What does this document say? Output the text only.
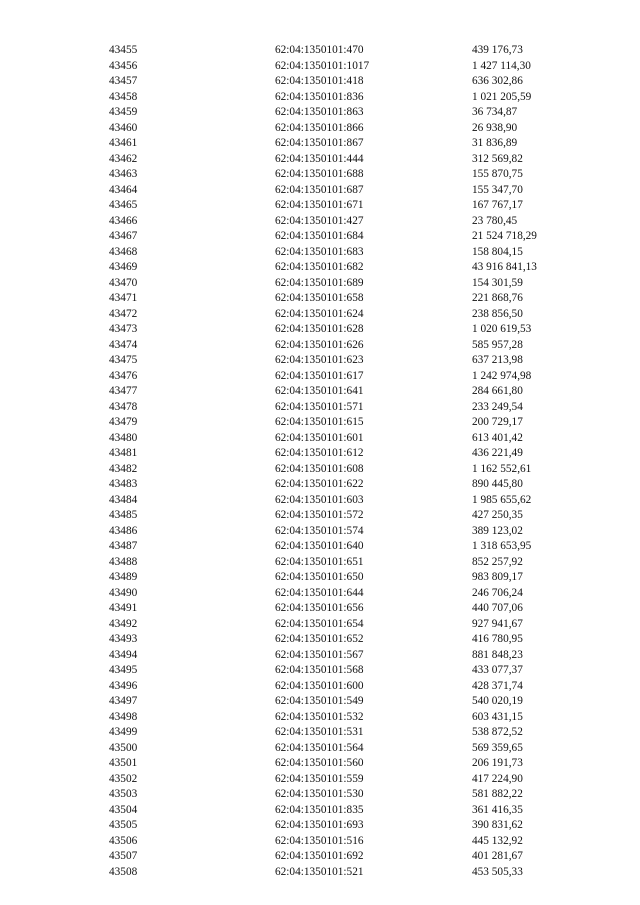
43455	62:04:1350101:470	439 176,73
43456	62:04:1350101:1017	1 427 114,30
43457	62:04:1350101:418	636 302,86
43458	62:04:1350101:836	1 021 205,59
43459	62:04:1350101:863	36 734,87
43460	62:04:1350101:866	26 938,90
43461	62:04:1350101:867	31 836,89
43462	62:04:1350101:444	312 569,82
43463	62:04:1350101:688	155 870,75
43464	62:04:1350101:687	155 347,70
43465	62:04:1350101:671	167 767,17
43466	62:04:1350101:427	23 780,45
43467	62:04:1350101:684	21 524 718,29
43468	62:04:1350101:683	158 804,15
43469	62:04:1350101:682	43 916 841,13
43470	62:04:1350101:689	154 301,59
43471	62:04:1350101:658	221 868,76
43472	62:04:1350101:624	238 856,50
43473	62:04:1350101:628	1 020 619,53
43474	62:04:1350101:626	585 957,28
43475	62:04:1350101:623	637 213,98
43476	62:04:1350101:617	1 242 974,98
43477	62:04:1350101:641	284 661,80
43478	62:04:1350101:571	233 249,54
43479	62:04:1350101:615	200 729,17
43480	62:04:1350101:601	613 401,42
43481	62:04:1350101:612	436 221,49
43482	62:04:1350101:608	1 162 552,61
43483	62:04:1350101:622	890 445,80
43484	62:04:1350101:603	1 985 655,62
43485	62:04:1350101:572	427 250,35
43486	62:04:1350101:574	389 123,02
43487	62:04:1350101:640	1 318 653,95
43488	62:04:1350101:651	852 257,92
43489	62:04:1350101:650	983 809,17
43490	62:04:1350101:644	246 706,24
43491	62:04:1350101:656	440 707,06
43492	62:04:1350101:654	927 941,67
43493	62:04:1350101:652	416 780,95
43494	62:04:1350101:567	881 848,23
43495	62:04:1350101:568	433 077,37
43496	62:04:1350101:600	428 371,74
43497	62:04:1350101:549	540 020,19
43498	62:04:1350101:532	603 431,15
43499	62:04:1350101:531	538 872,52
43500	62:04:1350101:564	569 359,65
43501	62:04:1350101:560	206 191,73
43502	62:04:1350101:559	417 224,90
43503	62:04:1350101:530	581 882,22
43504	62:04:1350101:835	361 416,35
43505	62:04:1350101:693	390 831,62
43506	62:04:1350101:516	445 132,92
43507	62:04:1350101:692	401 281,67
43508	62:04:1350101:521	453 505,33
